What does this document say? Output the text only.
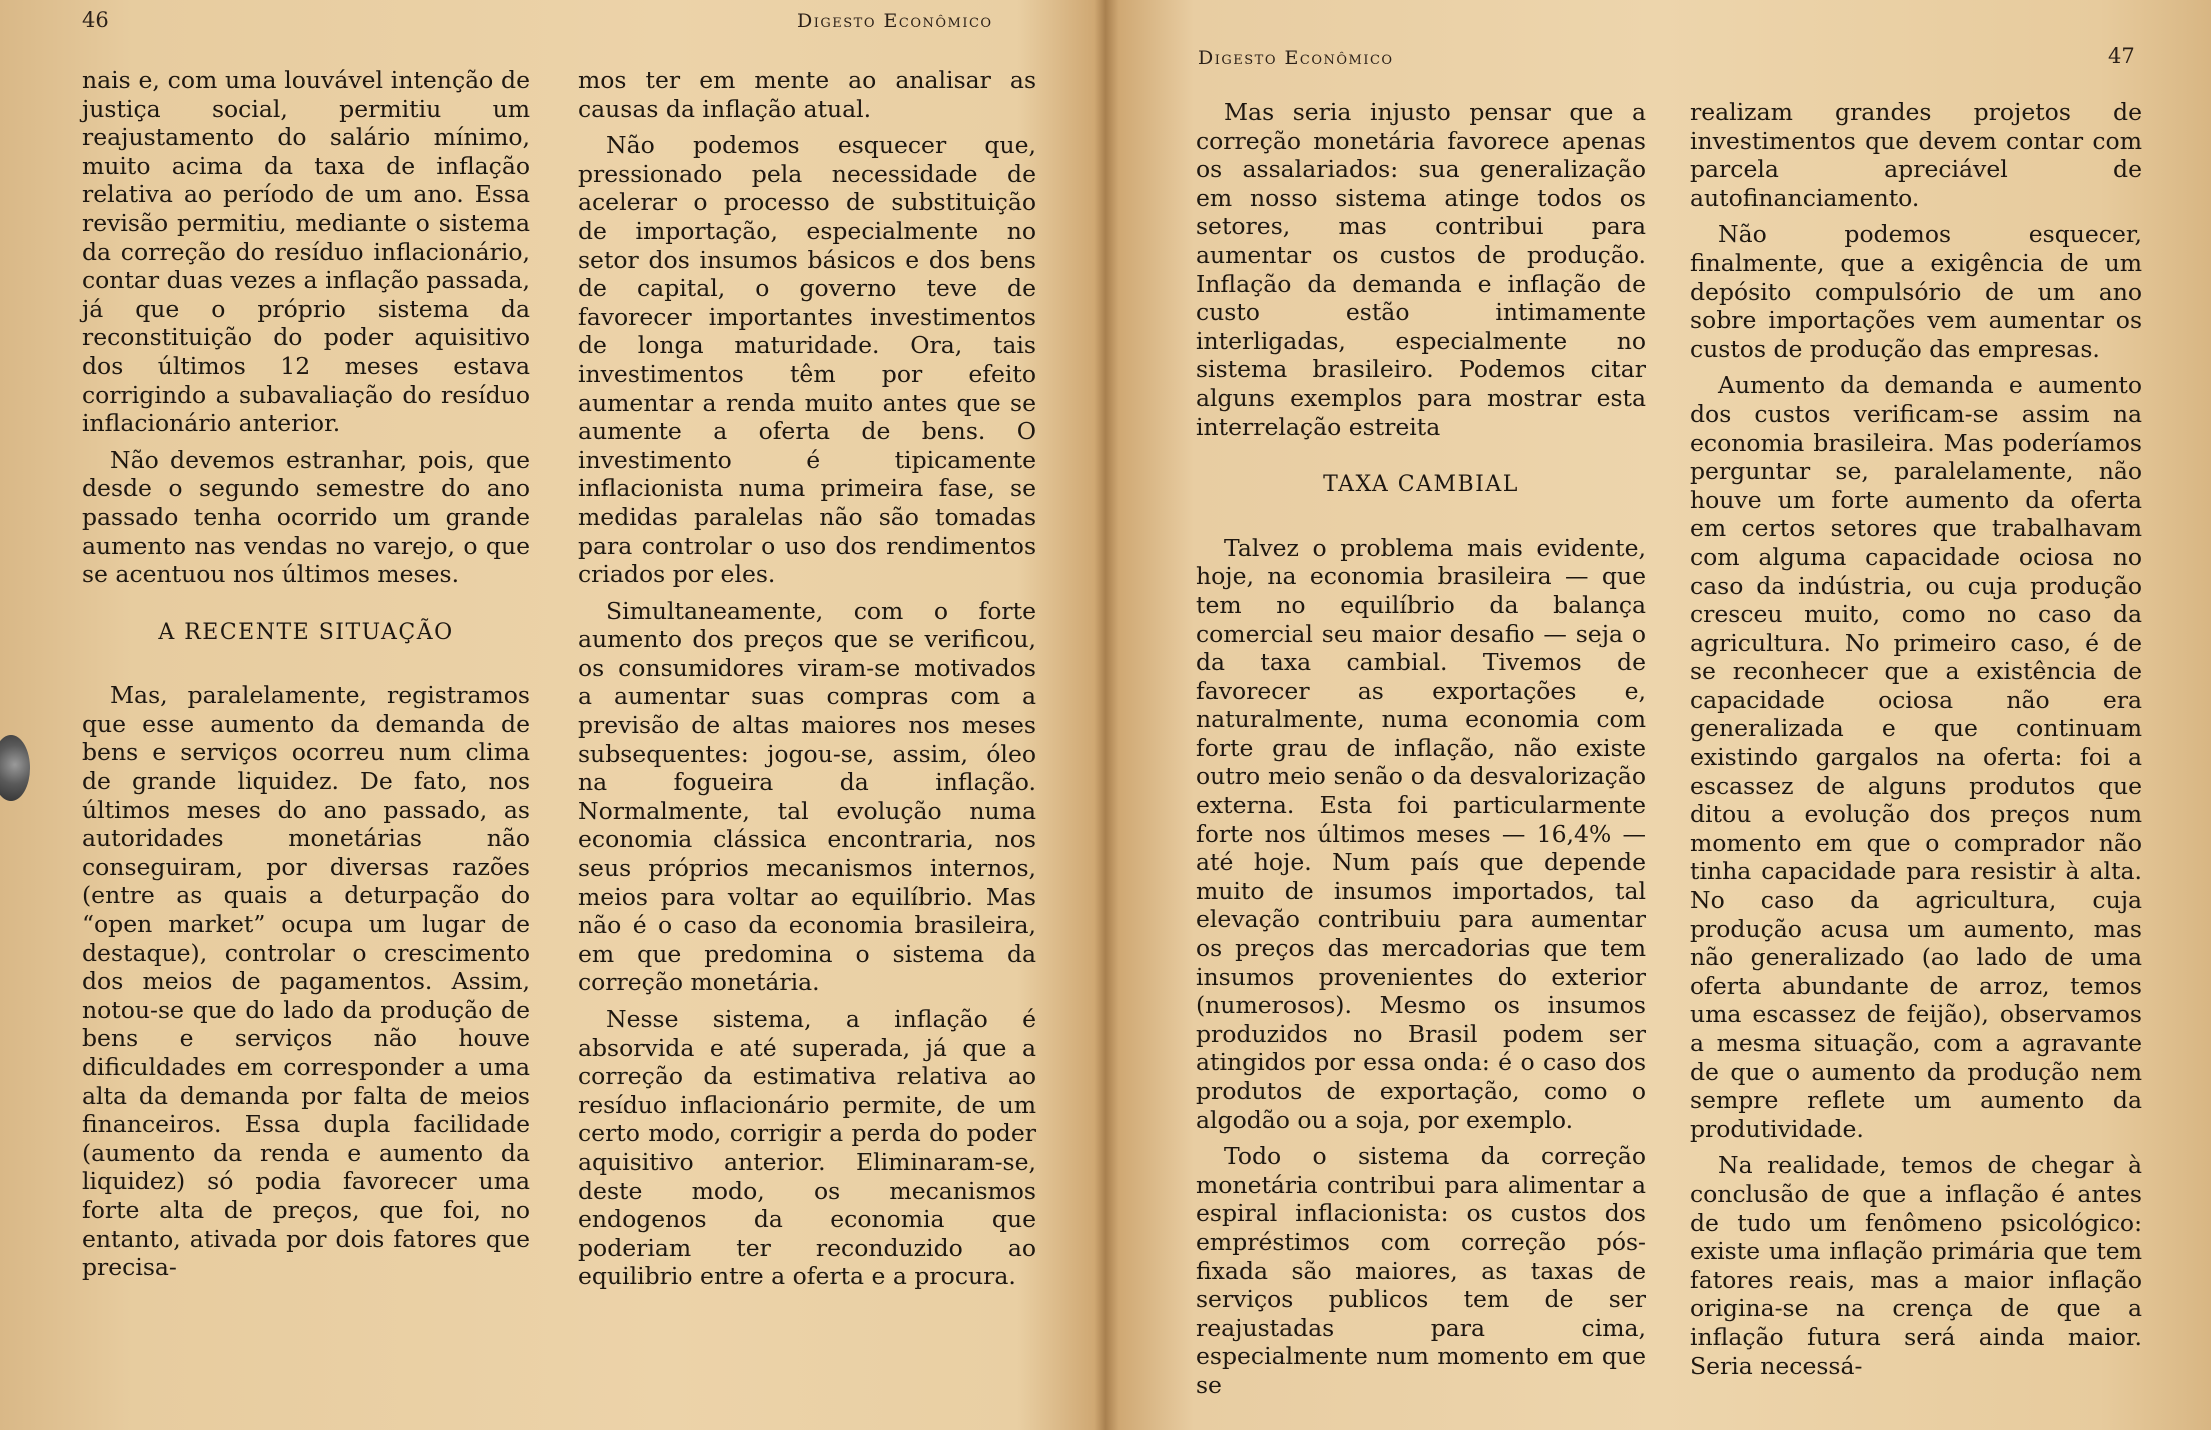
46	Digesto Econômico

nais e, com uma louvável intenção de justiça social, permitiu um reajustamento do salário mínimo, muito acima da taxa de inflação relativa ao período de um ano. Essa revisão permitiu, mediante o sistema da correção do resíduo inflacionário, contar duas vezes a inflação passada, já que o próprio sistema da reconstituição do poder aquisitivo dos últimos 12 meses estava corrigindo a subavaliação do resíduo inflacionário anterior.

Não devemos estranhar, pois, que desde o segundo semestre do ano passado tenha ocorrido um grande aumento nas vendas no varejo, o que se acentuou nos últimos meses.

A RECENTE SITUAÇÃO

Mas, paralelamente, registramos que esse aumento da demanda de bens e serviços ocorreu num clima de grande liquidez. De fato, nos últimos meses do ano passado, as autoridades monetárias não conseguiram, por diversas razões (entre as quais a deturpação do “open market” ocupa um lugar de destaque), controlar o crescimento dos meios de pagamentos. Assim, notou-se que do lado da produção de bens e serviços não houve dificuldades em corresponder a uma alta da demanda por falta de meios financeiros. Essa dupla facilidade (aumento da renda e aumento da liquidez) só podia favorecer uma forte alta de preços, que foi, no entanto, ativada por dois fatores que precisa-

mos ter em mente ao analisar as causas da inflação atual.

Não podemos esquecer que, pressionado pela necessidade de acelerar o processo de substituição de importação, especialmente no setor dos insumos básicos e dos bens de capital, o governo teve de favorecer importantes investimentos de longa maturidade. Ora, tais investimentos têm por efeito aumentar a renda muito antes que se aumente a oferta de bens. O investimento é tipicamente inflacionista numa primeira fase, se medidas paralelas não são tomadas para controlar o uso dos rendimentos criados por eles.

Simultaneamente, com o forte aumento dos preços que se verificou, os consumidores viram-se motivados a aumentar suas compras com a previsão de altas maiores nos meses subsequentes: jogou-se, assim, óleo na fogueira da inflação. Normalmente, tal evolução numa economia clássica encontraria, nos seus próprios mecanismos internos, meios para voltar ao equilíbrio. Mas não é o caso da economia brasileira, em que predomina o sistema da correção monetária.

Nesse sistema, a inflação é absorvida e até superada, já que a correção da estimativa relativa ao resíduo inflacionário permite, de um certo modo, corrigir a perda do poder aquisitivo anterior. Eliminaram-se, deste modo, os mecanismos endogenos da economia que poderiam ter reconduzido ao equilibrio entre a oferta e a procura.

Digesto Econômico	47

Mas seria injusto pensar que a correção monetária favorece apenas os assalariados: sua generalização em nosso sistema atinge todos os setores, mas contribui para aumentar os custos de produção. Inflação da demanda e inflação de custo estão intimamente interligadas, especialmente no sistema brasileiro. Podemos citar alguns exemplos para mostrar esta interrelação estreita

TAXA CAMBIAL

Talvez o problema mais evidente, hoje, na economia brasileira — que tem no equilíbrio da balança comercial seu maior desafio — seja o da taxa cambial. Tivemos de favorecer as exportações e, naturalmente, numa economia com forte grau de inflação, não existe outro meio senão o da desvalorização externa. Esta foi particularmente forte nos últimos meses — 16,4% — até hoje. Num país que depende muito de insumos importados, tal elevação contribuiu para aumentar os preços das mercadorias que tem insumos provenientes do exterior (numerosos). Mesmo os insumos produzidos no Brasil podem ser atingidos por essa onda: é o caso dos produtos de exportação, como o algodão ou a soja, por exemplo.

Todo o sistema da correção monetária contribui para alimentar a espiral inflacionista: os custos dos empréstimos com correção pós-fixada são maiores, as taxas de serviços publicos tem de ser reajustadas para cima, especialmente num momento em que se

realizam grandes projetos de investimentos que devem contar com parcela apreciável de autofinanciamento.

Não podemos esquecer, finalmente, que a exigência de um depósito compulsório de um ano sobre importações vem aumentar os custos de produção das empresas.

Aumento da demanda e aumento dos custos verificam-se assim na economia brasileira. Mas poderíamos perguntar se, paralelamente, não houve um forte aumento da oferta em certos setores que trabalhavam com alguma capacidade ociosa no caso da indústria, ou cuja produção cresceu muito, como no caso da agricultura. No primeiro caso, é de se reconhecer que a existência de capacidade ociosa não era generalizada e que continuam existindo gargalos na oferta: foi a escassez de alguns produtos que ditou a evolução dos preços num momento em que o comprador não tinha capacidade para resistir à alta. No caso da agricultura, cuja produção acusa um aumento, mas não generalizado (ao lado de uma oferta abundante de arroz, temos uma escassez de feijão), observamos a mesma situação, com a agravante de que o aumento da produção nem sempre reflete um aumento da produtividade.

Na realidade, temos de chegar à conclusão de que a inflação é antes de tudo um fenômeno psicológico: existe uma inflação primária que tem fatores reais, mas a maior inflação origina-se na crença de que a inflação futura será ainda maior. Seria necessá-
